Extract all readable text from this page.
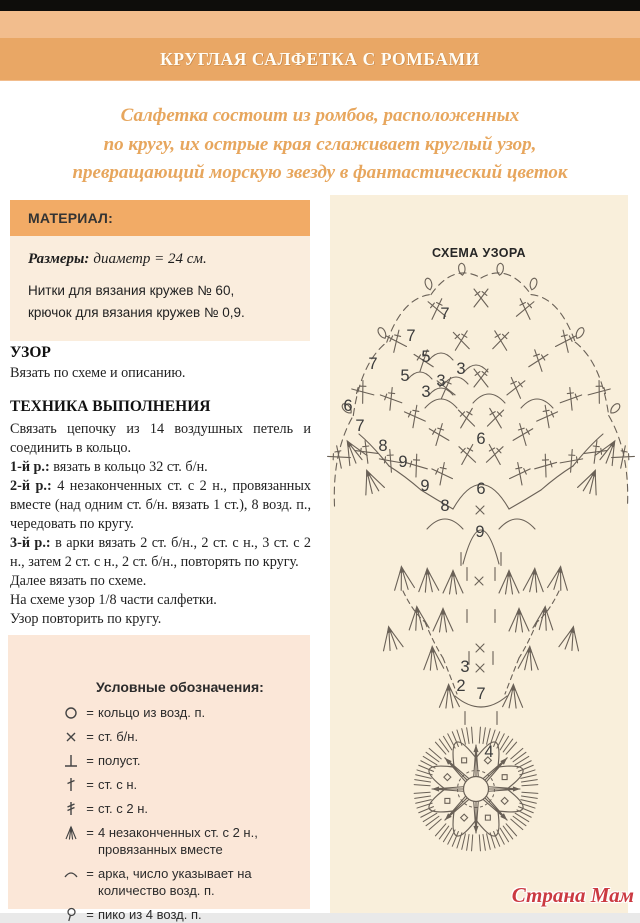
КРУГЛАЯ САЛФЕТКА С РОМБАМИ
Салфетка состоит из ромбов, расположенных
по кругу, их острые края сглаживает круглый узор,
превращающий морскую звезду в фантастический цветок
МАТЕРИАЛ:

Размеры: диаметр = 24 см.

Нитки для вязания кружев № 60,

крючок для вязания кружев № 0,9.

УЗОР

Вязать по схеме и описанию.

ТЕХНИКА ВЫПОЛНЕНИЯ

Связать цепочку из 14 воздушных петель и соединить в кольцо.

1-й р.: вязать в кольцо 32 ст. б/н.

2-й р.: 4 незаконченных ст. с 2 н., провязанных вместе (над одним ст. б/н. вязать 1 ст.), 8 возд. п., чередовать по кругу.

3-й р.: в арки вязать 2 ст. б/н., 2 ст. с н., 3 ст. с 2 н., затем 2 ст. с н., 2 ст. б/н., повторять по кругу.

Далее вязать по схеме.

На схеме узор 1/8 части салфетки.

Узор повторить по кругу.

Условные обозначения:
= кольцо из возд. п.
= ст. б/н.
= полуст.
= ст. с н.
= ст. с 2 н.
= 4 незаконченных ст. с 2 н., провязанных вместе
= арка, число указывает на количество возд. п.
= пико из 4 возд. п.
СХЕМА УЗОРА
7
7
5
3
7
5 3
3
6
7
6
8
9
9	6
8
9
3
2 7
4
Страна Мам
